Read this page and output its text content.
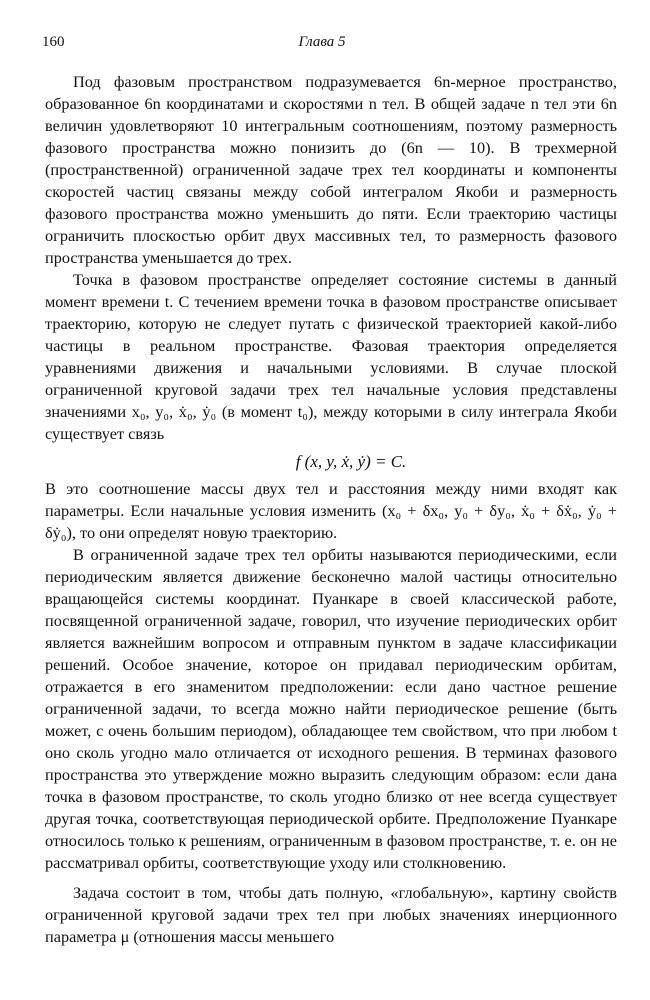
160	Глава 5

Под фазовым пространством подразумевается 6n-мерное пространство, образованное 6n координатами и скоростями n тел. В общей задаче n тел эти 6n величин удовлетворяют 10 интегральным соотношениям, поэтому размерность фазового пространства можно понизить до (6n — 10). В трехмерной (пространственной) ограниченной задаче трех тел координаты и компоненты скоростей частиц связаны между собой интегралом Якоби и размерность фазового пространства можно уменьшить до пяти. Если траекторию частицы ограничить плоскостью орбит двух массивных тел, то размерность фазового пространства уменьшается до трех.

Точка в фазовом пространстве определяет состояние системы в данный момент времени t. С течением времени точка в фазовом пространстве описывает траекторию, которую не следует путать с физической траекторией какой-либо частицы в реальном пространстве. Фазовая траектория определяется уравнениями движения и начальными условиями. В случае плоской ограниченной круговой задачи трех тел начальные условия представлены значениями x₀, y₀, ẋ₀, ẏ₀ (в момент t₀), между которыми в силу интеграла Якоби существует связь

f (x, y, ẋ, ẏ) = C.

В это соотношение массы двух тел и расстояния между ними входят как параметры. Если начальные условия изменить (x₀ + δx₀, y₀ + δy₀, ẋ₀ + δẋ₀, ẏ₀ + δẏ₀), то они определят новую траекторию.

В ограниченной задаче трех тел орбиты называются периодическими, если периодическим является движение бесконечно малой частицы относительно вращающейся системы координат. Пуанкаре в своей классической работе, посвященной ограниченной задаче, говорил, что изучение периодических орбит является важнейшим вопросом и отправным пунктом в задаче классификации решений. Особое значение, которое он придавал периодическим орбитам, отражается в его знаменитом предположении: если дано частное решение ограниченной задачи, то всегда можно найти периодическое решение (быть может, с очень большим периодом), обладающее тем свойством, что при любом t оно сколь угодно мало отличается от исходного решения. В терминах фазового пространства это утверждение можно выразить следующим образом: если дана точка в фазовом пространстве, то сколь угодно близко от нее всегда существует другая точка, соответствующая периодической орбите. Предположение Пуанкаре относилось только к решениям, ограниченным в фазовом пространстве, т. е. он не рассматривал орбиты, соответствующие уходу или столкновению.

Задача состоит в том, чтобы дать полную, «глобальную», картину свойств ограниченной круговой задачи трех тел при любых значениях инерционного параметра μ (отношения массы меньшего
